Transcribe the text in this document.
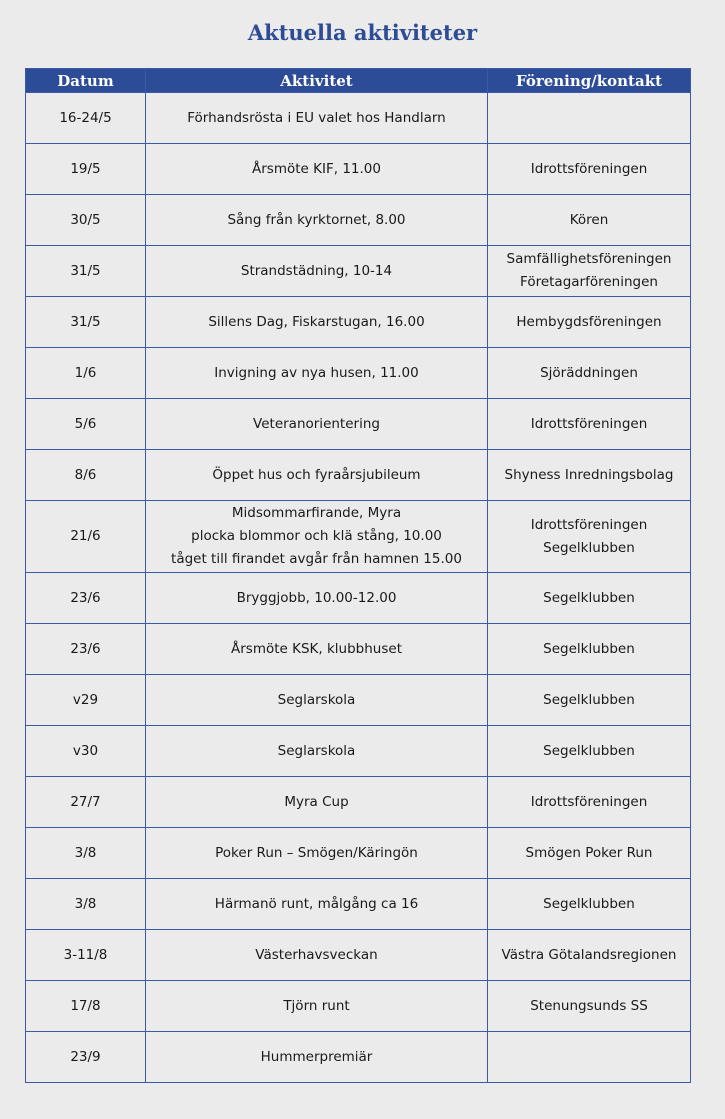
Aktuella aktiviteter
Datum	Aktivitet	Förening/kontakt
16-24/5	Förhandsrösta i EU valet hos Handlarn	

19/5	Årsmöte KIF, 11.00	Idrottsföreningen

30/5	Sång från kyrktornet, 8.00	Kören

31/5	Strandstädning, 10-14	Samfällighetsföreningen
Företagarföreningen

31/5	Sillens Dag, Fiskarstugan, 16.00	Hembygdsföreningen

1/6	Invigning av nya husen, 11.00	Sjöräddningen

5/6	Veteranorientering	Idrottsföreningen

8/6	Öppet hus och fyraårsjubileum	Shyness Inredningsbolag

21/6	Midsommarfirande, Myra
plocka blommor och klä stång, 10.00
tåget till firandet avgår från hamnen 15.00	Idrottsföreningen
Segelklubben

23/6	Bryggjobb, 10.00-12.00	Segelklubben

23/6	Årsmöte KSK, klubbhuset	Segelklubben

v29	Seglarskola	Segelklubben

v30	Seglarskola	Segelklubben

27/7	Myra Cup	Idrottsföreningen

3/8	Poker Run – Smögen/Käringön	Smögen Poker Run

3/8	Härmanö runt, målgång ca 16	Segelklubben

3-11/8	Västerhavsveckan	Västra Götalandsregionen

17/8	Tjörn runt	Stenungsunds SS

23/9	Hummerpremiär	
